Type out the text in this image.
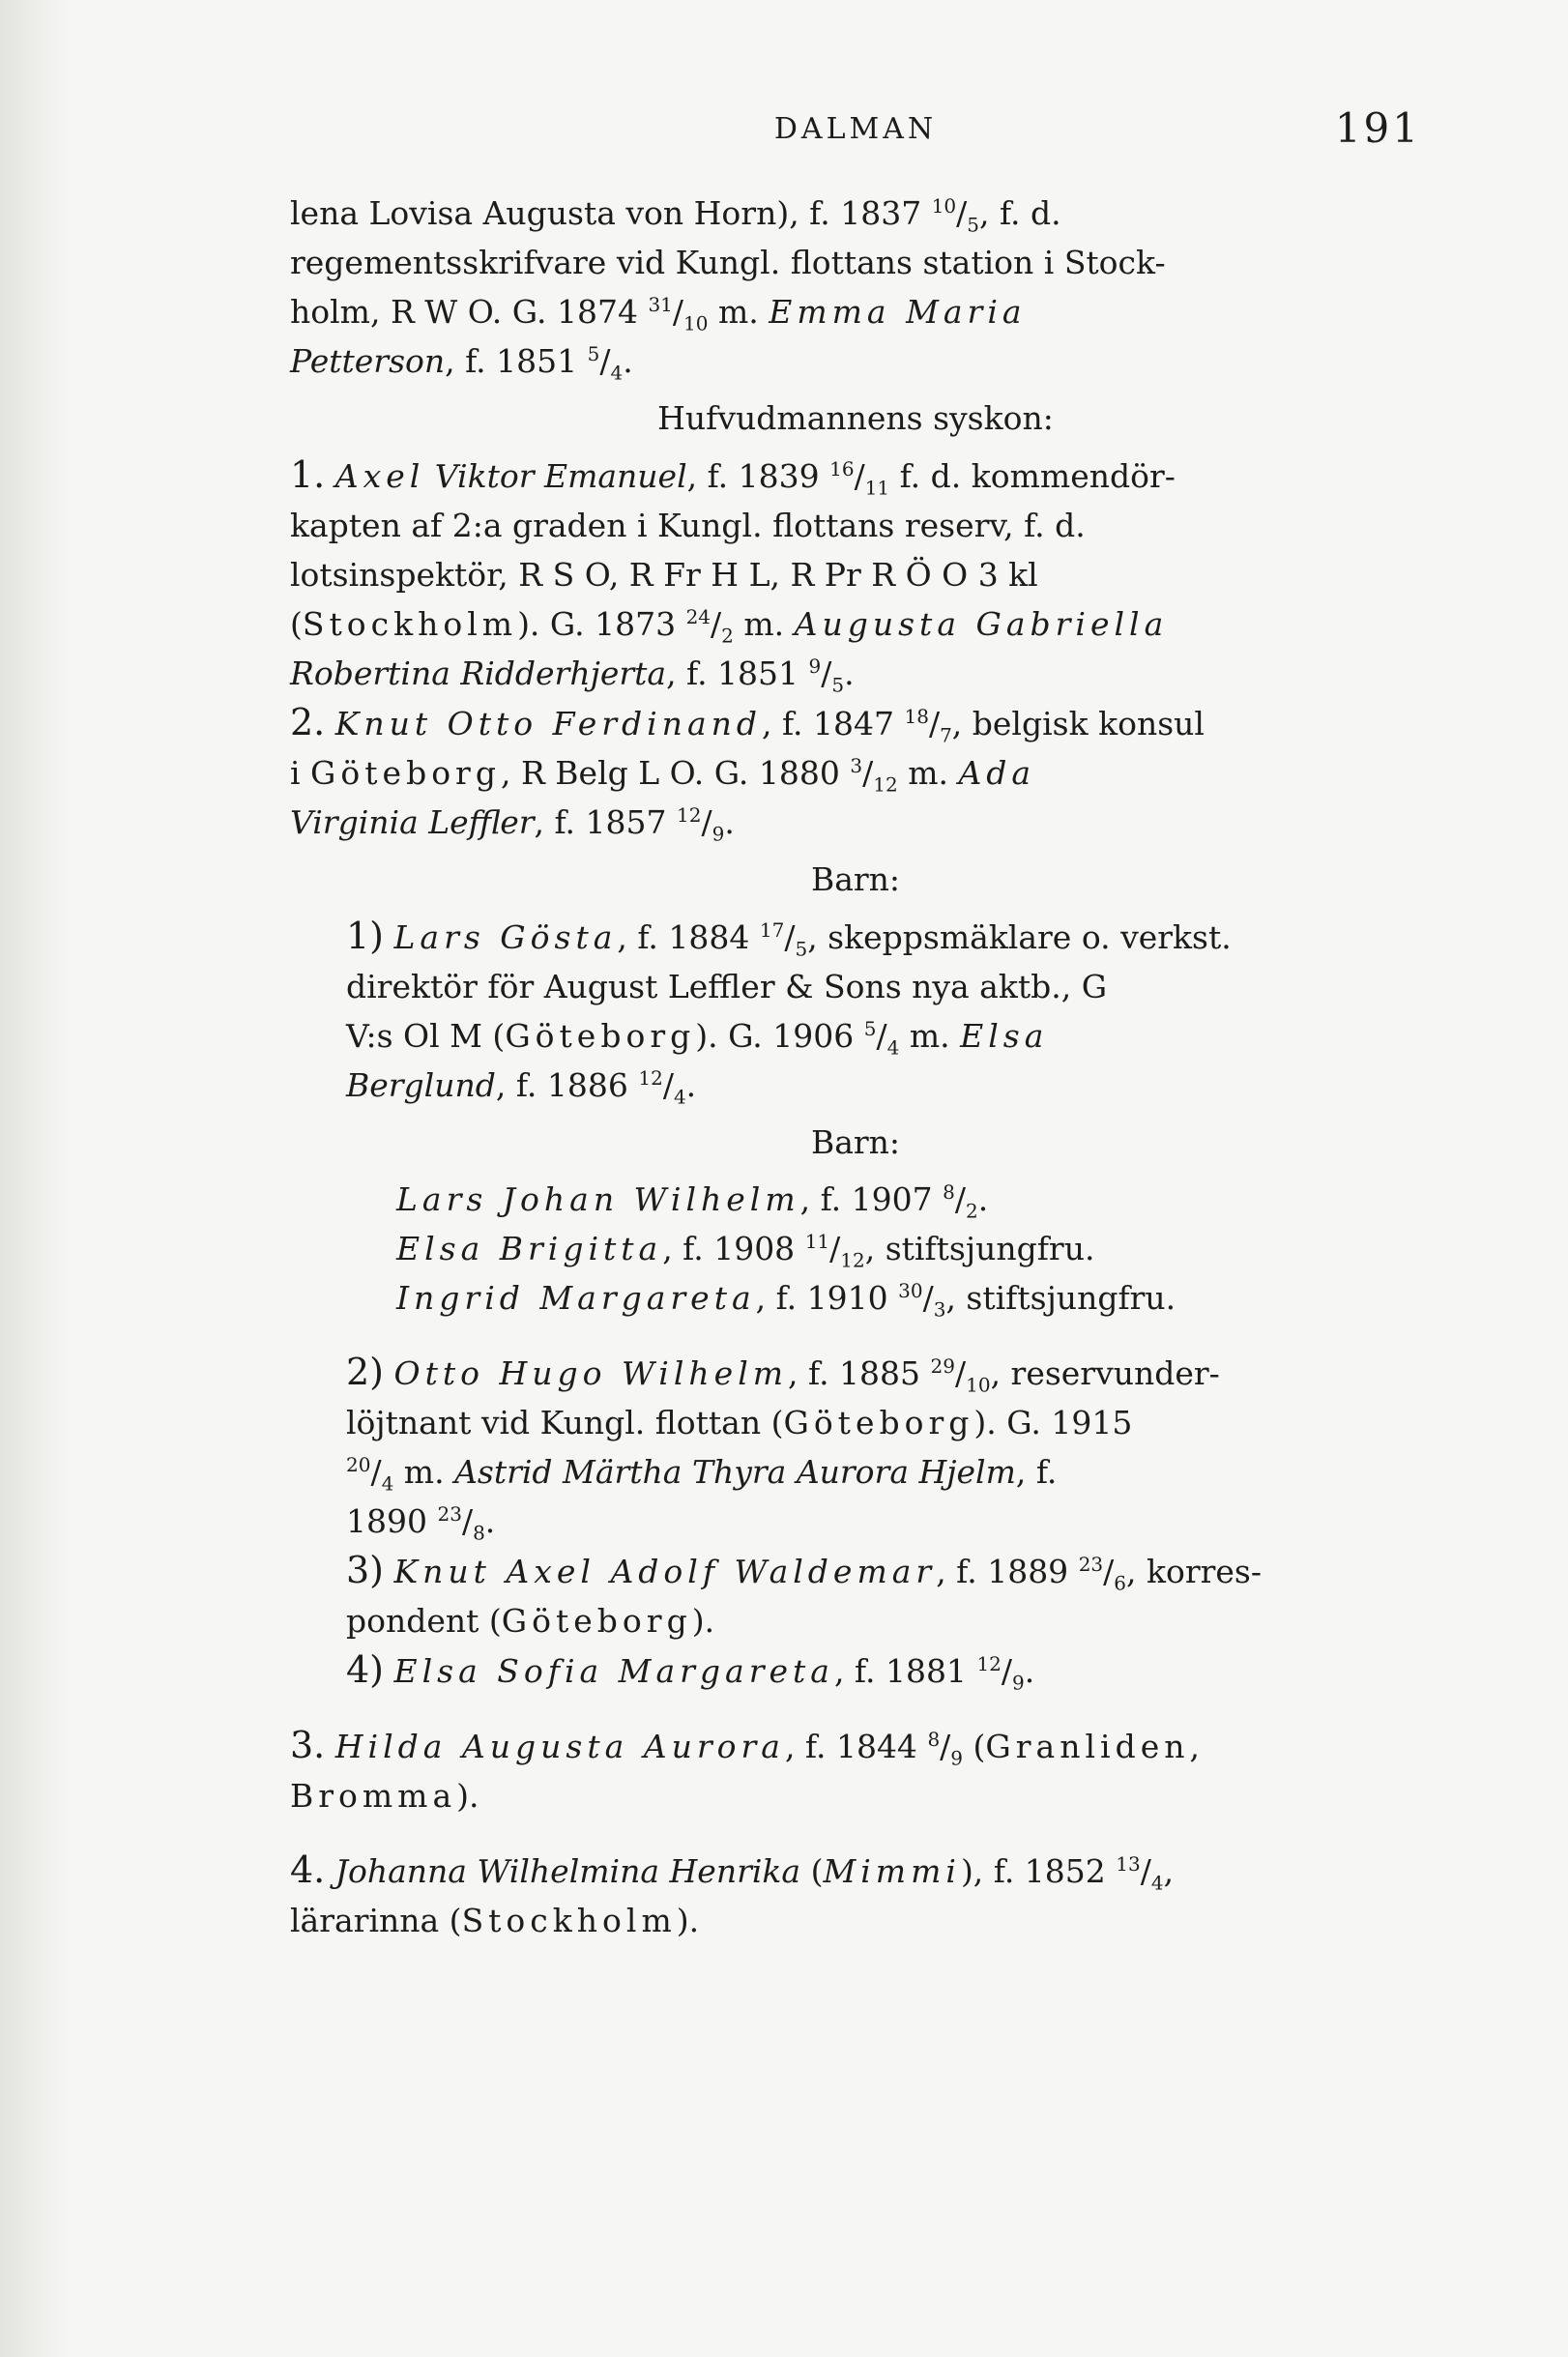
DALMAN	191
lena Lovisa Augusta von Horn), f. 1837 $^{10}/_5$, f. d.
regementsskrifvare vid Kungl. flottans station i Stock-
holm, R W O. G. 1874 $^{31}/_{10}$ m. Emma Maria
Petterson, f. 1851 $^5/_4$.
Hufvudmannens syskon:
1. Axel Viktor Emanuel, f. 1839 $^{16}/_{11}$ f. d. kommendör-
kapten af 2:a graden i Kungl. flottans reserv, f. d.
lotsinspektör, R S O, R Fr H L, R Pr R Ö O 3 kl
(Stockholm). G. 1873 $^{24}/_2$ m. Augusta Gabriella
Robertina Ridderhjerta, f. 1851 $^9/_5$.
2. Knut Otto Ferdinand, f. 1847 $^{18}/_7$, belgisk konsul
i Göteborg, R Belg L O. G. 1880 $^3/_{12}$ m. Ada
Virginia Leffler, f. 1857 $^{12}/_9$.
Barn:
1) Lars Gösta, f. 1884 $^{17}/_5$, skeppsmäklare o. verkst.
direktör för August Leffler & Sons nya aktb., G
V:s Ol M (Göteborg). G. 1906 $^5/_4$ m. Elsa
Berglund, f. 1886 $^{12}/_4$.
Barn:
Lars Johan Wilhelm, f. 1907 $^8/_2$.
Elsa Brigitta, f. 1908 $^{11}/_{12}$, stiftsjungfru.
Ingrid Margareta, f. 1910 $^{30}/_3$, stiftsjungfru.
2) Otto Hugo Wilhelm, f. 1885 $^{29}/_{10}$, reservunder-
löjtnant vid Kungl. flottan (Göteborg). G. 1915
$^{20}/_4$ m. Astrid Märtha Thyra Aurora Hjelm, f.
1890 $^{23}/_8$.
3) Knut Axel Adolf Waldemar, f. 1889 $^{23}/_6$, korres-
pondent (Göteborg).
4) Elsa Sofia Margareta, f. 1881 $^{12}/_9$.
3. Hilda Augusta Aurora, f. 1844 $^8/_9$ (Granliden,
Bromma).
4. Johanna Wilhelmina Henrika (Mimmi), f. 1852 $^{13}/_4$,
lärarinna (Stockholm).
